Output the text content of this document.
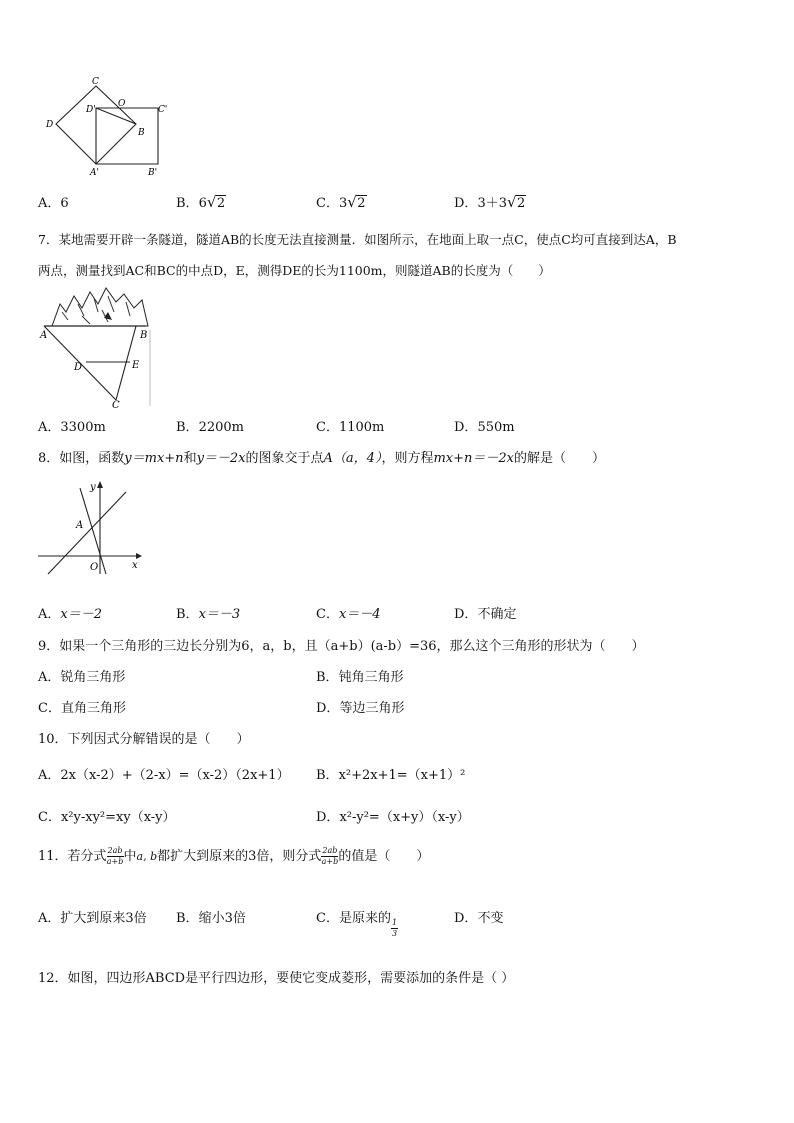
C
D'
O
C'
D
B
A'	B'
A．6	B．6 √ 2	C．3 √ 2	D．3＋3 √ 2
7．某地需要开辟一条隧道，隧道AB的长度无法直接测量．如图所示，在地面上取一点C，使点C均可直接到达A，B
两点，测量找到AC和BC的中点D，E，测得DE的长为1100m，则隧道AB的长度为（　　）
A	B
D	E
C
A．3300m	B．2200m	C．1100m	D．550m
8．如图，函数y＝mx+n和y＝－2x的图象交于点A（a，4），则方程mx+n＝－2x的解是（　　）
y
A
O	x
A．x＝－2	B．x＝－3	C．x＝－4	D．不确定
9．如果一个三角形的三边长分别为6，a，b，且（a+b）(a-b）=36，那么这个三角形的形状为（　　）
A．锐角三角形	B．钝角三角形
C．直角三角形	D．等边三角形
10．下列因式分解错误的是（　　）
A．2x（x-2）+（2-x）=（x-2）（2x+1） B．x²+2x+1=（x+1）²
C．x²y-xy²=xy（x-y）	D．x²-y²=（x+y）（x-y）
11．若分式 $\frac{2ab}{a+b}$ 中a, b都扩大到原来的3倍，则分式 $\frac{2ab}{a+b}$ 的值是（　　）
A．扩大到原来3倍 B．缩小3倍	C．是原来的 $\frac{1}{3}$	D．不变
12．如图，四边形ABCD是平行四边形，要使它变成菱形，需要添加的条件是（ ）
